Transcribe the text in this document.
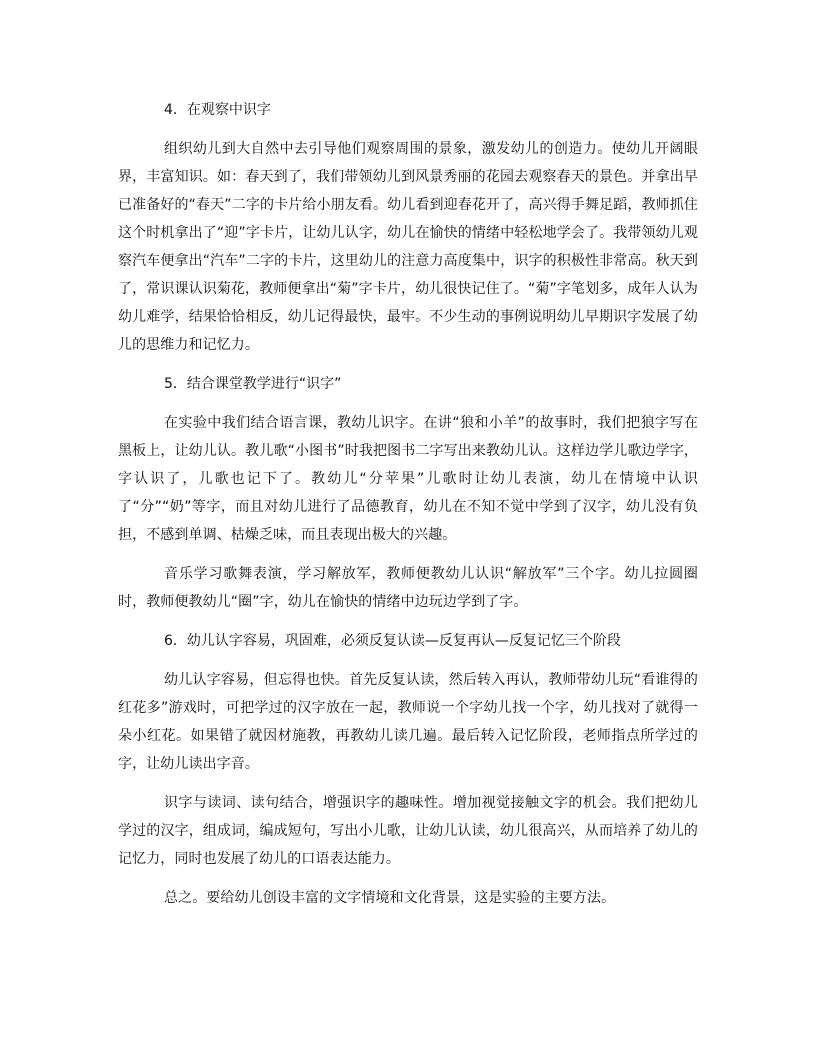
4．在观察中识字

组织幼儿到大自然中去引导他们观察周围的景象，激发幼儿的创造力。使幼儿开阔眼界，丰富知识。如：春天到了，我们带领幼儿到风景秀丽的花园去观察春天的景色。并拿出早已准备好的“春天”二字的卡片给小朋友看。幼儿看到迎春花开了，高兴得手舞足蹈，教师抓住这个时机拿出了“迎”字卡片，让幼儿认字，幼儿在愉快的情绪中轻松地学会了。我带领幼儿观察汽车便拿出“汽车”二字的卡片，这里幼儿的注意力高度集中，识字的积极性非常高。秋天到了，常识课认识菊花，教师便拿出“菊”字卡片，幼儿很快记住了。“菊”字笔划多，成年人认为幼儿难学，结果恰恰相反，幼儿记得最快，最牢。不少生动的事例说明幼儿早期识字发展了幼儿的思维力和记忆力。

5．结合课堂教学进行“识字”

在实验中我们结合语言课，教幼儿识字。在讲“狼和小羊”的故事时，我们把狼字写在黑板上，让幼儿认。教儿歌“小图书”时我把图书二字写出来教幼儿认。这样边学儿歌边学字，字认识了，儿歌也记下了。教幼儿“分苹果”儿歌时让幼儿表演，幼儿在情境中认识了“分”“奶”等字，而且对幼儿进行了品德教育，幼儿在不知不觉中学到了汉字，幼儿没有负担，不感到单调、枯燥乏味，而且表现出极大的兴趣。

音乐学习歌舞表演，学习解放军，教师便教幼儿认识“解放军”三个字。幼儿拉圆圈时，教师便教幼儿“圈”字，幼儿在愉快的情绪中边玩边学到了字。

6．幼儿认字容易，巩固难，必须反复认读—反复再认—反复记忆三个阶段

幼儿认字容易，但忘得也快。首先反复认读，然后转入再认，教师带幼儿玩“看谁得的红花多”游戏时，可把学过的汉字放在一起，教师说一个字幼儿找一个字，幼儿找对了就得一朵小红花。如果错了就因材施教，再教幼儿读几遍。最后转入记忆阶段，老师指点所学过的字，让幼儿读出字音。

识字与读词、读句结合，增强识字的趣味性。增加视觉接触文字的机会。我们把幼儿学过的汉字，组成词，编成短句，写出小儿歌，让幼儿认读，幼儿很高兴，从而培养了幼儿的记忆力，同时也发展了幼儿的口语表达能力。

总之。要给幼儿创设丰富的文字情境和文化背景，这是实验的主要方法。
